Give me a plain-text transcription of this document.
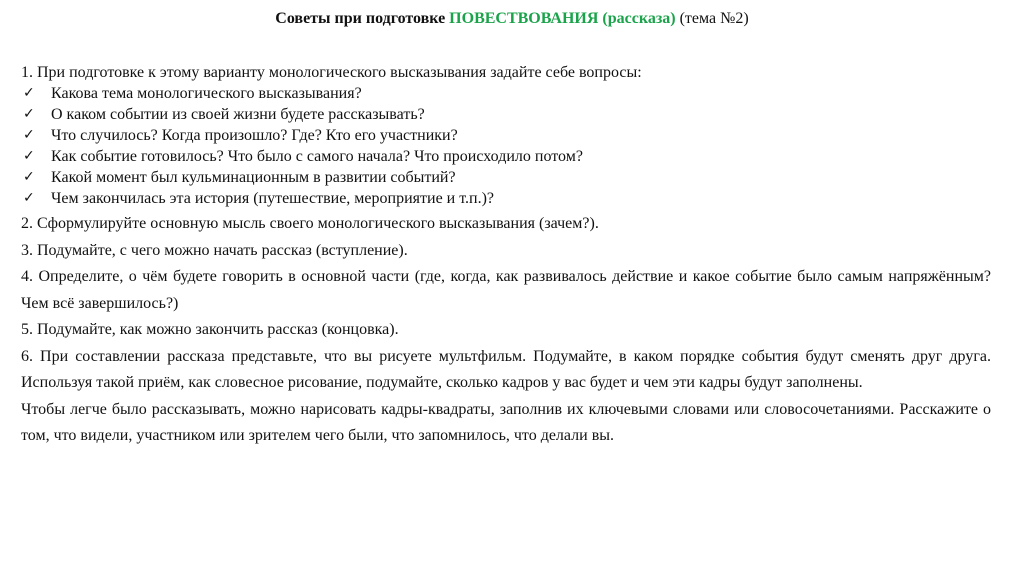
Советы при подготовке ПОВЕСТВОВАНИЯ (рассказа) (тема №2)

1. При подготовке к этому варианту монологического высказывания задайте себе вопросы:

✓ Какова тема монологического высказывания?
✓ О каком событии из своей жизни будете рассказывать?
✓ Что случилось? Когда произошло? Где? Кто его участники?
✓ Как событие готовилось? Что было с самого начала? Что происходило потом?
✓ Какой момент был кульминационным в развитии событий?
✓ Чем закончилась эта история (путешествие, мероприятие и т.п.)?

2. Сформулируйте основную мысль своего монологического высказывания (зачем?).

3. Подумайте, с чего можно начать рассказ (вступление).

4. Определите, о чём будете говорить в основной части (где, когда, как развивалось действие и какое событие было самым напряжённым? Чем всё завершилось?)

5. Подумайте, как можно закончить рассказ (концовка).

6. При составлении рассказа представьте, что вы рисуете мультфильм. Подумайте, в каком порядке события будут сменять друг друга. Используя такой приём, как словесное рисование, подумайте, сколько кадров у вас будет и чем эти кадры будут заполнены.

Чтобы легче было рассказывать, можно нарисовать кадры-квадраты, заполнив их ключевыми словами или словосочетаниями. Расскажите о том, что видели, участником или зрителем чего были, что запомнилось, что делали вы.
